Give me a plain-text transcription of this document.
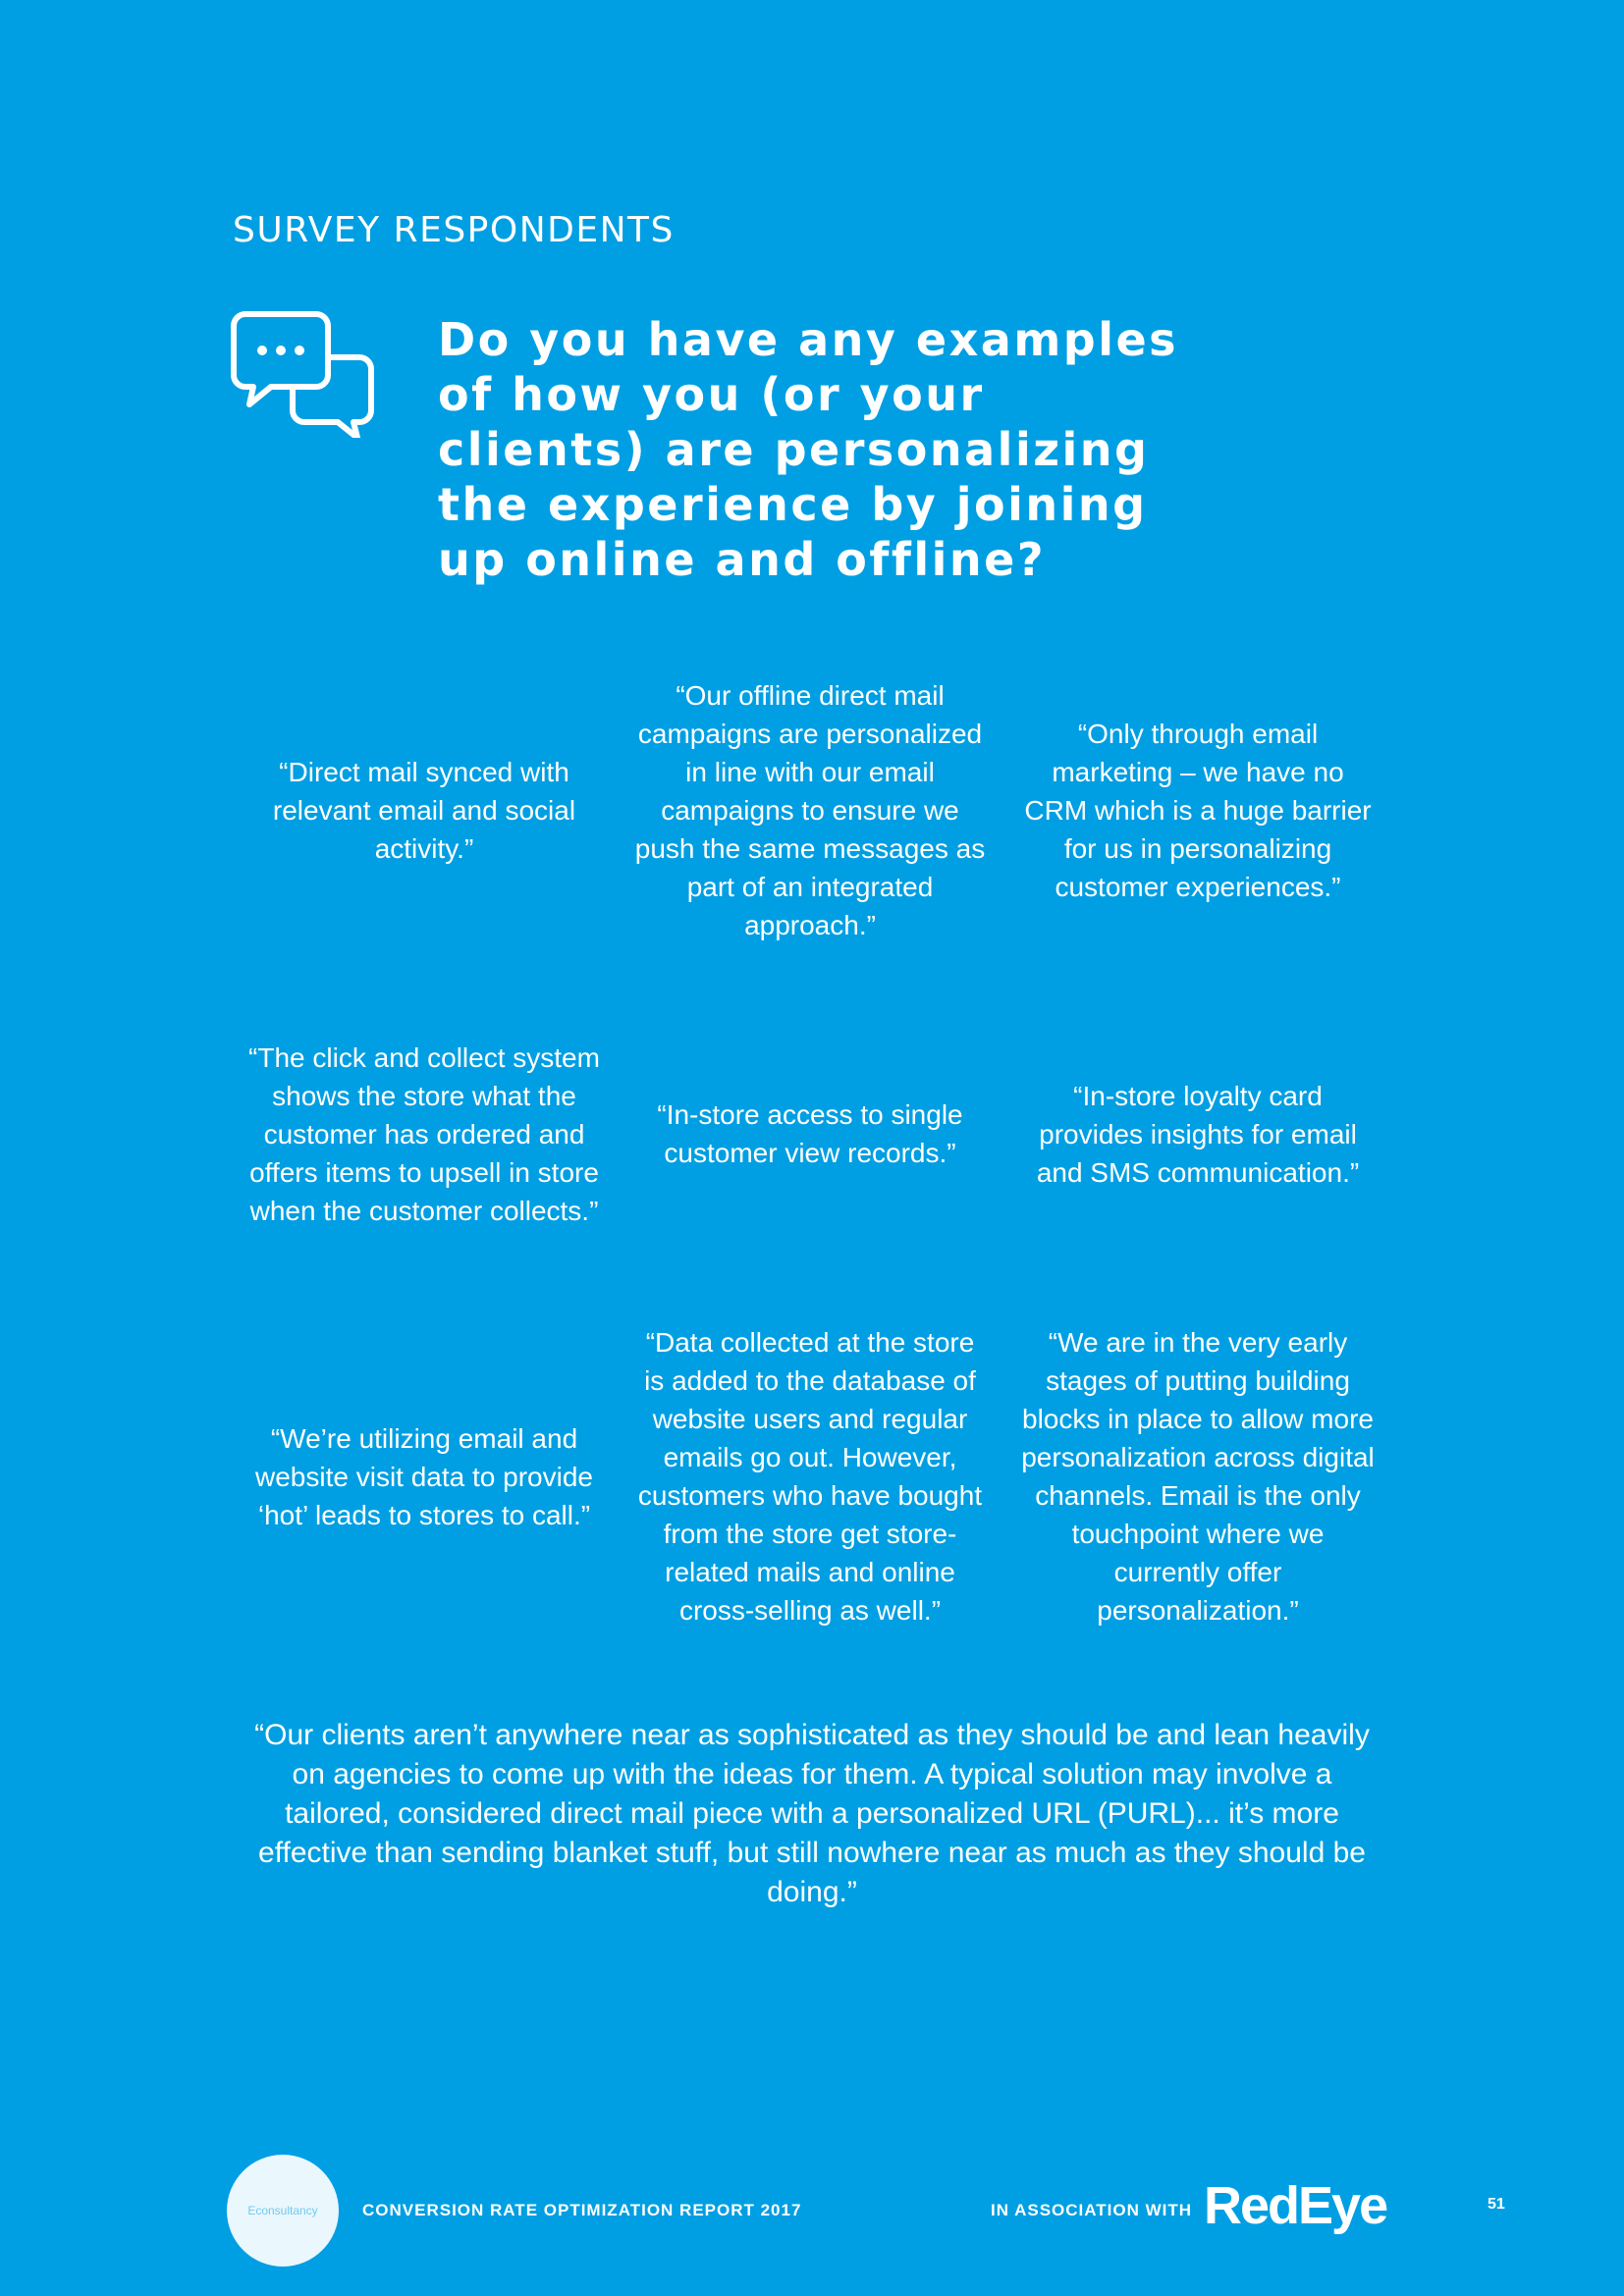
SURVEY RESPONDENTS
Do you have any examples of how you (or your clients) are personalizing the experience by joining up online and offline?
“Direct mail synced with relevant email and social activity.”
“Our offline direct mail campaigns are personalized in line with our email campaigns to ensure we push the same messages as part of an integrated approach.”
“Only through email marketing – we have no CRM which is a huge barrier for us in personalizing customer experiences.”
“The click and collect system shows the store what the customer has ordered and offers items to upsell in store when the customer collects.”
“In-store access to single customer view records.”
“In-store loyalty card provides insights for email and SMS communication.”
“We’re utilizing email and website visit data to provide ‘hot’ leads to stores to call.”
“Data collected at the store is added to the database of website users and regular emails go out. However, customers who have bought from the store get store-related mails and online cross-selling as well.”
“We are in the very early stages of putting building blocks in place to allow more personalization across digital channels. Email is the only touchpoint where we currently offer personalization.”
“Our clients aren’t anywhere near as sophisticated as they should be and lean heavily on agencies to come up with the ideas for them. A typical solution may involve a tailored, considered direct mail piece with a personalized URL (PURL)... it’s more effective than sending blanket stuff, but still nowhere near as much as they should be doing.”
Econsultancy	CONVERSION RATE OPTIMIZATION REPORT 2017	IN ASSOCIATION WITH RedEye	51
